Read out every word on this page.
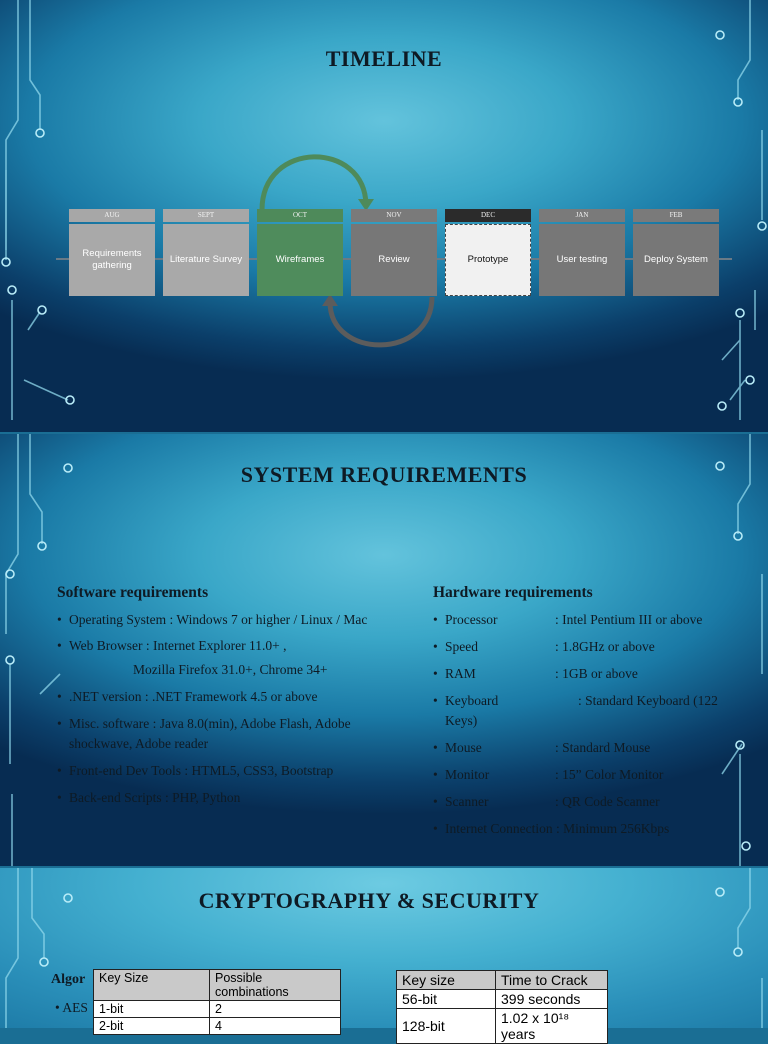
TIMELINE
AUG
Requirements gathering
SEPT
Literature Survey
OCT
Wireframes
NOV
Review
DEC
Prototype
JAN
User testing
FEB
Deploy System
SYSTEM REQUIREMENTS
Software requirements
• Operating System : Windows 7 or higher / Linux / Mac
• Web Browser : Internet Explorer 11.0+ ,
Mozilla Firefox 31.0+, Chrome 34+
• .NET version : .NET Framework 4.5 or above
• Misc. software : Java 8.0(min), Adobe Flash, Adobe shockwave, Adobe reader
• Front-end Dev Tools : HTML5, CSS3, Bootstrap
• Back-end Scripts : PHP, Python
Hardware requirements
• Processor	: Intel Pentium III or above
• Speed	: 1.8GHz or above
• RAM	: 1GB or above
• Keyboard	: Standard Keyboard (122 Keys)
• Mouse	: Standard Mouse
• Monitor	: 15” Color Monitor
• Scanner	: QR Code Scanner
• Internet Connection : Minimum 256Kbps
CRYPTOGRAPHY & SECURITY
Algor
• AES
Key Size	Possible combinations
1-bit	2
2-bit	4
Key size	Time to Crack
56-bit	399 seconds
128-bit	1.02 x 10¹⁸ years
